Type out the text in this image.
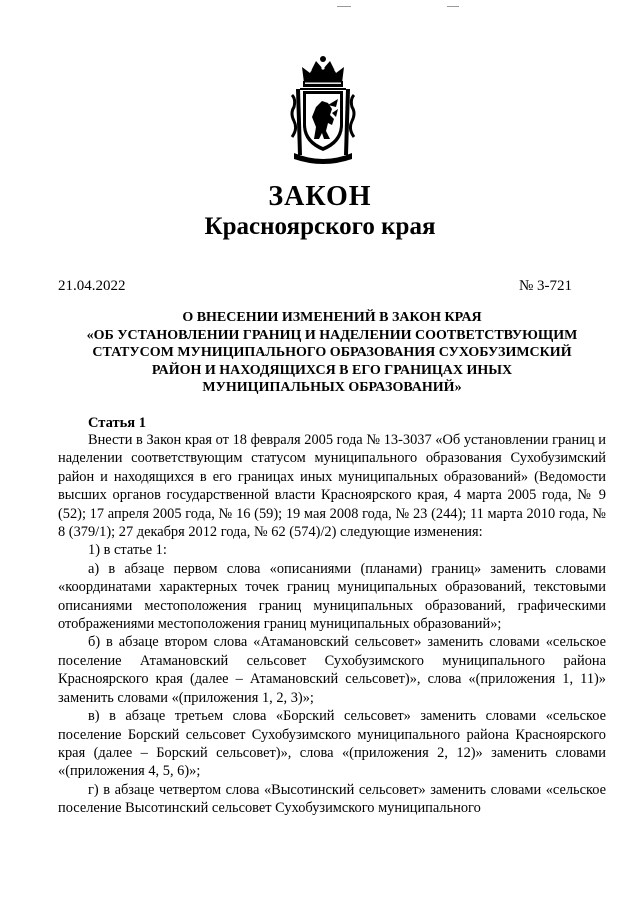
ЗАКОН
Красноярского края
21.04.2022	№ 3-721
О ВНЕСЕНИИ ИЗМЕНЕНИЙ В ЗАКОН КРАЯ
«ОБ УСТАНОВЛЕНИИ ГРАНИЦ И НАДЕЛЕНИИ СООТВЕТСТВУЮЩИМ
СТАТУСОМ МУНИЦИПАЛЬНОГО ОБРАЗОВАНИЯ СУХОБУЗИМСКИЙ
РАЙОН И НАХОДЯЩИХСЯ В ЕГО ГРАНИЦАХ ИНЫХ
МУНИЦИПАЛЬНЫХ ОБРАЗОВАНИЙ»
Статья 1

Внести в Закон края от 18 февраля 2005 года № 13-3037 «Об установлении границ и наделении соответствующим статусом муниципального образования Сухобузимский район и находящихся в его границах иных муниципальных образований» (Ведомости высших органов государственной власти Красноярского края, 4 марта 2005 года, № 9 (52); 17 апреля 2005 года, № 16 (59); 19 мая 2008 года, № 23 (244); 11 марта 2010 года, № 8 (379/1); 27 декабря 2012 года, № 62 (574)/2) следующие изменения:

1) в статье 1:

а) в абзаце первом слова «описаниями (планами) границ» заменить словами «координатами характерных точек границ муниципальных образований, текстовыми описаниями местоположения границ муниципальных образований, графическими отображениями местоположения границ муниципальных образований»;

б) в абзаце втором слова «Атамановский сельсовет» заменить словами «сельское поселение Атамановский сельсовет Сухобузимского муниципального района Красноярского края (далее – Атамановский сельсовет)», слова «(приложения 1, 11)» заменить словами «(приложения 1, 2, 3)»;

в) в абзаце третьем слова «Борский сельсовет» заменить словами «сельское поселение Борский сельсовет Сухобузимского муниципального района Красноярского края (далее – Борский сельсовет)», слова «(приложения 2, 12)» заменить словами «(приложения 4, 5, 6)»;

г) в абзаце четвертом слова «Высотинский сельсовет» заменить словами «сельское поселение Высотинский сельсовет Сухобузимского муниципального
